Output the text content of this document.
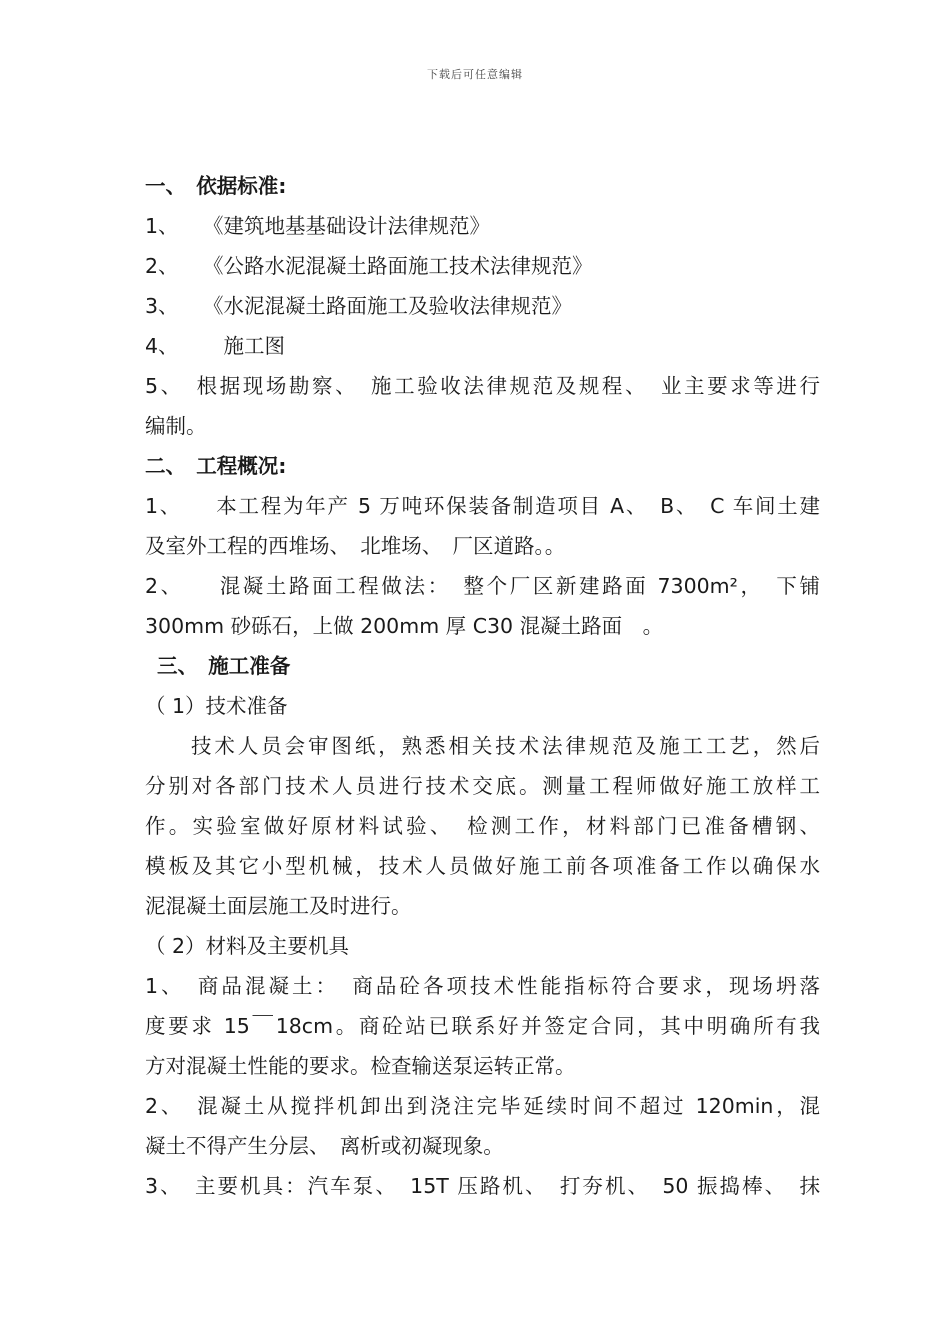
下载后可任意编辑
一、　依据标准:
1、 《建筑地基基础设计法律规范》
2、 《公路水泥混凝土路面施工技术法律规范》
3、 《水泥混凝土路面施工及验收法律规范》
4、　施工图
5、　根据现场勘察、　施工验收法律规范及规程、　业主要求等进行
编制。
二、　工程概况:
1、　　本工程为年产 5 万吨环保装备制造项目 A、　B、　C 车间土建
及室外工程的西堆场、　北堆场、　厂区道路。。
2、　　混凝土路面工程做法：　整个厂区新建路面 7300m²，　下铺
300mm 砂砾石，上做 200mm 厚 C30 混凝土路面　。
三、　施工准备
（ 1）技术准备
技术人员会审图纸，熟悉相关技术法律规范及施工工艺，然后
分别对各部门技术人员进行技术交底。测量工程师做好施工放样工
作。实验室做好原材料试验、　检测工作，材料部门已准备槽钢、
模板及其它小型机械，技术人员做好施工前各项准备工作以确保水
泥混凝土面层施工及时进行。
（ 2）材料及主要机具
1、　商品混凝土：　商品砼各项技术性能指标符合要求，现场坍落
度要求 15￣18cm。商砼站已联系好并签定合同，其中明确所有我
方对混凝土性能的要求。检查输送泵运转正常。
2、　混凝土从搅拌机卸出到浇注完毕延续时间不超过 120min，混
凝土不得产生分层、　离析或初凝现象。
3、　主要机具：汽车泵、　15T 压路机、　打夯机、　50 振捣棒、　抹
